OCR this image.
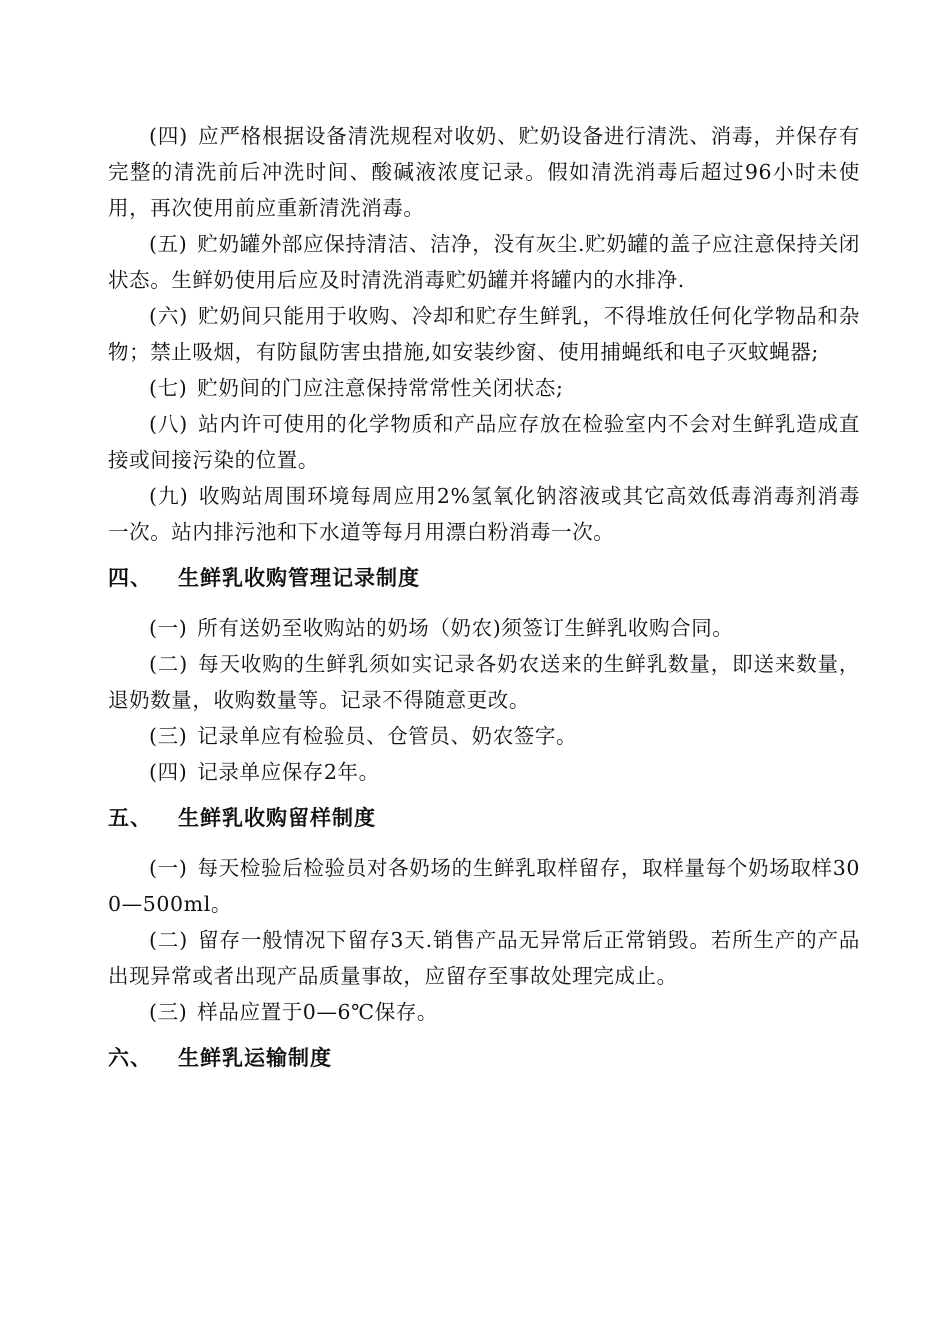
(四) 应严格根据设备清洗规程对收奶、贮奶设备进行清洗、消毒，并保存有完整的清洗前后冲洗时间、酸碱液浓度记录。假如清洗消毒后超过96小时未使用，再次使用前应重新清洗消毒。

(五) 贮奶罐外部应保持清洁、洁净，没有灰尘.贮奶罐的盖子应注意保持关闭状态。生鲜奶使用后应及时清洗消毒贮奶罐并将罐内的水排净.

(六) 贮奶间只能用于收购、冷却和贮存生鲜乳，不得堆放任何化学物品和杂物；禁止吸烟，有防鼠防害虫措施,如安装纱窗、使用捕蝇纸和电子灭蚊蝇器;

(七) 贮奶间的门应注意保持常常性关闭状态;

(八) 站内许可使用的化学物质和产品应存放在检验室内不会对生鲜乳造成直接或间接污染的位置。

(九) 收购站周围环境每周应用2%氢氧化钠溶液或其它高效低毒消毒剂消毒一次。站内排污池和下水道等每月用漂白粉消毒一次。

四、 生鲜乳收购管理记录制度

(一) 所有送奶至收购站的奶场（奶农)须签订生鲜乳收购合同。

(二) 每天收购的生鲜乳须如实记录各奶农送来的生鲜乳数量，即送来数量，退奶数量，收购数量等。记录不得随意更改。

(三) 记录单应有检验员、仓管员、奶农签字。

(四) 记录单应保存2年。

五、 生鲜乳收购留样制度

(一) 每天检验后检验员对各奶场的生鲜乳取样留存，取样量每个奶场取样300—500ml。

(二) 留存一般情况下留存3天.销售产品无异常后正常销毁。若所生产的产品出现异常或者出现产品质量事故，应留存至事故处理完成止。

(三) 样品应置于0—6℃保存。

六、 生鲜乳运输制度
